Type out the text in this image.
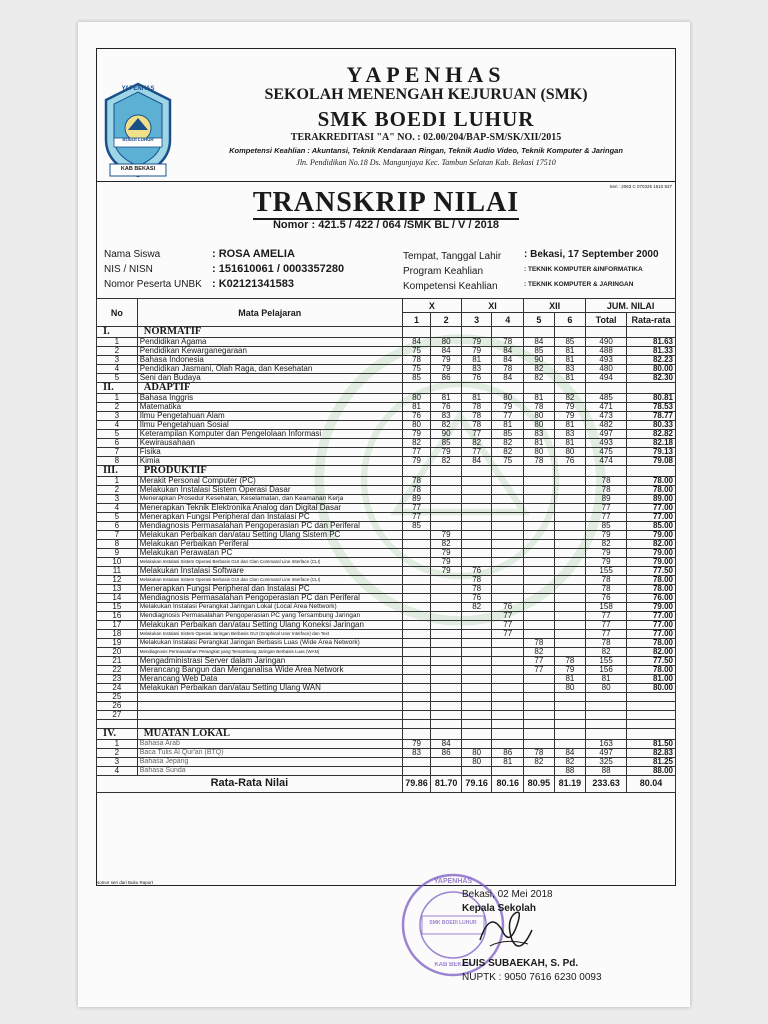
YAPENHAS
BOEDI LUHUR
KAB BEKASI
YAPENHAS
SEKOLAH MENENGAH KEJURUAN (SMK)
SMK BOEDI LUHUR
TERAKREDITASI "A" NO. : 02.00/204/BAP-SM/SK/XII/2015
Kompetensi Keahlian : Akuntansi, Teknik Kendaraan Ringan, Teknik Audio Video, Teknik Komputer & Jaringan
Jln. Pendidikan No.18 Ds. Mangunjaya Kec. Tambun Selatan Kab. Bekasi 17510
Seri : 2063 C 070325 1510 837
TRANSKRIP NILAI
Nomor : 421.5 / 422 / 064 /SMK BL / V / 2018
Nama Siswa	: ROSA AMELIA
NIS / NISN	: 151610061 / 0003357280
Nomor Peserta UNBK : K02121341583
Tempat, Tanggal Lahir : Bekasi, 17 September 2000
Program Keahlian	: TEKNIK KOMPUTER &INFORMATIKA
Kompetensi Keahlian	: TEKNIK KOMPUTER & JARINGAN
No	Mata Pelajaran	X		XI		XII		JUM. NILAI	
		1	2	3	4	5	6	Total	Rata-rata
I.	NORMATIF								
1	Pendidikan Agama	84	80	79	78	84	85	490	81.63
2	Pendidikan Kewarganegaraan	75	84	79	84	85	81	488	81.33
3	Bahasa Indonesia	78	79	81	84	90	81	493	82.23
4	Pendidikan Jasmani, Olah Raga, dan Kesehatan	75	79	83	78	82	83	480	80.00
5	Seni dan Budaya	85	86	76	84	82	81	494	82.30
II.	ADAPTIF								
1	Bahasa Inggris	80	81	81	80	81	82	485	80.81
2	Matematika	81	76	78	79	78	79	471	78.53
3	Ilmu Pengetahuan Alam	76	83	78	77	80	79	473	78.77
4	Ilmu Pengetahuan Sosial	80	82	78	81	80	81	482	80.33
5	Keterampilan Komputer dan Pengelolaan Informasi	79	90	77	85	83	83	497	82.82
6	Kewirausahaan	82	85	82	82	81	81	493	82.18
7	Fisika	77	79	77	82	80	80	475	79.13
8	Kimia	79	82	84	75	78	76	474	79.08
III.	PRODUKTIF								
1	Merakit Personal Computer (PC)	78						78	78.00
2	Melakukan Instalasi Sistem Operasi Dasar	78						78	78.00
3	Menerapkan Prosedur Kesehatan, Keselamatan, dan Keamanan Kerja	89						89	89.00
4	Menerapkan Teknik Elektronika Analog dan Digital Dasar	77						77	77.00
5	Menerapkan Fungsi Peripheral dan Instalasi PC	77						77	77.00
6	Mendiagnosis Permasalahan Pengoperasian PC dan Periferal	85						85	85.00
7	Melakukan Perbaikan dan/atau Setting Ulang Sistem PC		79					79	79.00
8	Melakukan Perbaikan Periferal		82					82	82.00
9	Melakukan Perawatan PC		79					79	79.00
10	Melakukan Instalasi Sistem Operasi Berbasis GUI dan Clan Command Line Interface (CLI)		79					79	79.00
11	Melakukan Instalasi Software		79	76				155	77.50
12	Melakukan Instalasi Sistem Operasi Berbasis GUI dan Clan Command Line Interface (CLI)			78				78	78.00
13	Menerapkan Fungsi Peripheral dan Instalasi PC			78				78	78.00
14	Mendiagnosis Permasalahan Pengoperasian PC dan Periferal			76				76	76.00
15	Melakukan Instalasi Perangkat Jaringan Lokal (Local Area Nettwork)			82	76			158	79.00
16	Mendiagnosis Permasalahan Pengoperasian PC yang Tersambung Jaringan				77			77	77.00
17	Melakukan Perbaikan dan/atau Setting Ulang Koneksi Jaringan				77			77	77.00
18	Melakukan Instalasi Sistem Operasi Jaringan Berbasis GUI (Graphical User Interface) dan Text				77			77	77.00
19	Melakukan Instalasi Perangkat Jaringan Berbasis Luas (Wide Area Network)					78		78	78.00
20	Mendiagnosis Permasalahan Perangkat yang Tersambung Jaringan Berbasis Luas (WAN)					82		82	82.00
21	Mengadministrasi Server dalam Jaringan					77	78	155	77.50
22	Merancang Bangun dan Menganalisa Wide Area Network					77	79	156	78.00
23	Merancang Web Data						81	81	81.00
24	Melakukan Perbaikan dan/atau Setting Ulang WAN						80	80	80.00
25									
26									
27									

IV.	MUATAN LOKAL								
1	Bahasa Arab	79	84					163	81.50
2	Baca Tulis Al Qur'an (BTQ)	83	86	80	86	78	84	497	82.83
3	Bahasa Jepang			80	81	82	82	325	81.25
4	Bahasa Sunda						88	88	88.00
Rata-Rata Nilai		79.86	81.70	79.16	80.16	80.95	81.19	233.63	80.04
Nomor seri dari Buku Raport	YAPENHAS
SMK BOEDI LUHUR
KAB BEKASI
Bekasi, 02 Mei 2018
Kepala Sekolah
EUIS SUBAEKAH, S. Pd.
NUPTK : 9050 7616 6230 0093
